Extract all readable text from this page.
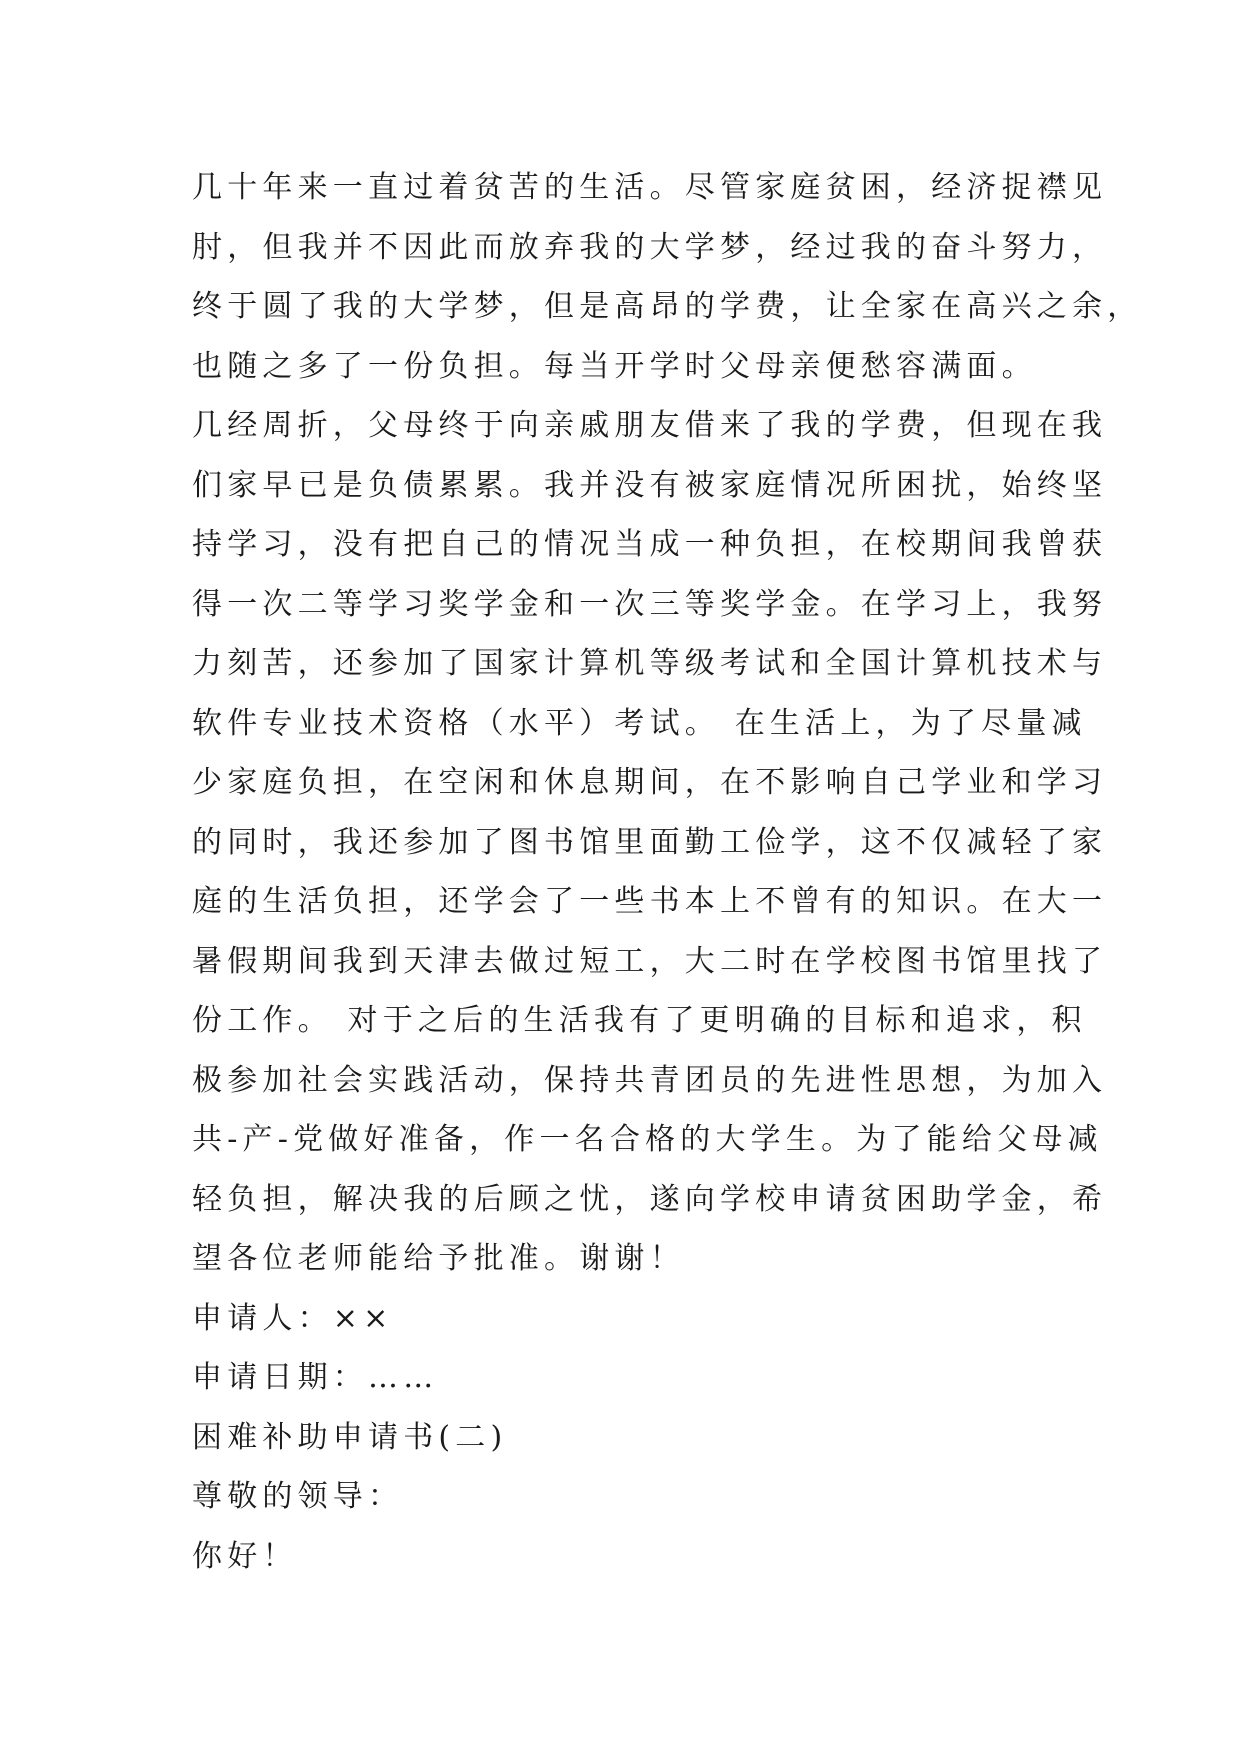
几十年来一直过着贫苦的生活。尽管家庭贫困，经济捉襟见
肘，但我并不因此而放弃我的大学梦，经过我的奋斗努力，
终于圆了我的大学梦，但是高昂的学费，让全家在高兴之余，
也随之多了一份负担。每当开学时父母亲便愁容满面。
几经周折，父母终于向亲戚朋友借来了我的学费，但现在我
们家早已是负债累累。我并没有被家庭情况所困扰，始终坚
持学习，没有把自己的情况当成一种负担，在校期间我曾获
得一次二等学习奖学金和一次三等奖学金。在学习上，我努
力刻苦，还参加了国家计算机等级考试和全国计算机技术与
软件专业技术资格（水平）考试。 在生活上，为了尽量减
少家庭负担，在空闲和休息期间，在不影响自己学业和学习
的同时，我还参加了图书馆里面勤工俭学，这不仅减轻了家
庭的生活负担，还学会了一些书本上不曾有的知识。在大一
暑假期间我到天津去做过短工，大二时在学校图书馆里找了
份工作。 对于之后的生活我有了更明确的目标和追求，积
极参加社会实践活动，保持共青团员的先进性思想，为加入
共-产-党做好准备，作一名合格的大学生。为了能给父母减
轻负担，解决我的后顾之忧，遂向学校申请贫困助学金，希
望各位老师能给予批准。谢谢！
申请人：××
申请日期：……
困难补助申请书(二)
尊敬的领导：
你好！
